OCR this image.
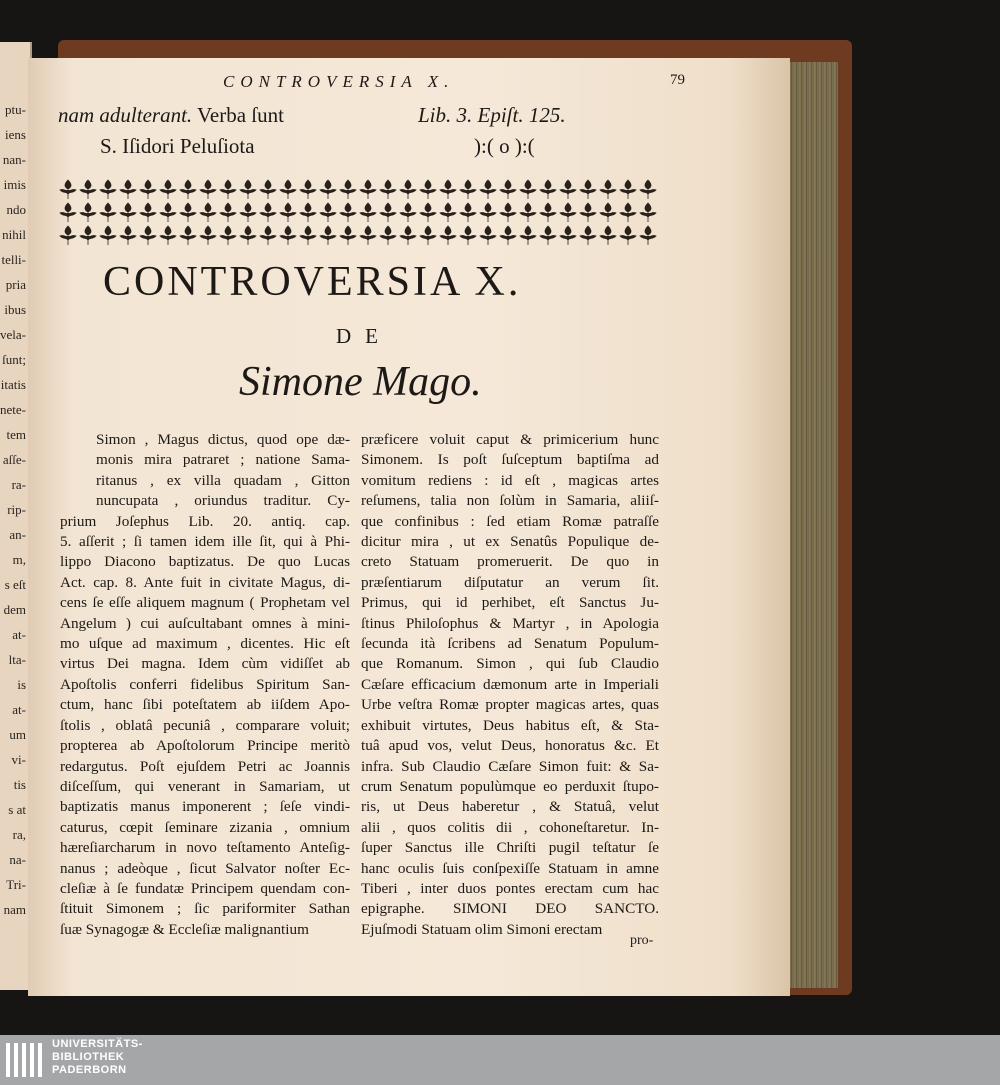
ptu-
iens
nan-
imis
ndo
nihil
telli-
pria
ibus
vela-
ſunt;
itatis
nete-
tem
aſſe-
ra-
rip-
an-
m,
s eſt
dem
at-
lta-
is
at-
um
vi-
tis
s at
ra,
na-
Tri-
nam
CONTROVERSIA X.	79
nam adulterant. Verba ſunt
S. Iſidori Peluſiota
Lib. 3. Epiſt. 125.
):( o ):(
CONTROVERSIA X.
DE
Simone Mago.
Simon , Magus dictus, quod ope dæ-
monis mira patraret ; natione Sama-
ritanus , ex villa quadam , Gitton
nuncupata , oriundus traditur. Cy-
prium Joſephus Lib. 20. antiq. cap.
5. aſſerit ; ſi tamen idem ille ſit, qui à Phi-
lippo Diacono baptizatus. De quo Lucas
Act. cap. 8. Ante fuit in civitate Magus, di-
cens ſe eſſe aliquem magnum ( Prophetam vel
Angelum ) cui auſcultabant omnes à mini-
mo uſque ad maximum , dicentes. Hic eſt
virtus Dei magna. Idem cùm vidiſſet ab
Apoſtolis conferri fidelibus Spiritum San-
ctum, hanc ſibi poteſtatem ab iiſdem Apo-
ſtolis , oblatâ pecuniâ , comparare voluit;
propterea ab Apoſtolorum Principe meritò
redargutus. Poſt ejuſdem Petri ac Joannis
diſceſſum, qui venerant in Samariam, ut
baptizatis manus imponerent ; ſeſe vindi-
caturus, cœpit ſeminare zizania , omnium
hæreſiarcharum in novo teſtamento Anteſig-
nanus ; adeòque , ſicut Salvator noſter Ec-
cleſiæ à ſe fundatæ Principem quendam con-
ſtituit Simonem ; ſic pariformiter Sathan
ſuæ Synagogæ & Eccleſiæ malignantium
præficere voluit caput & primicerium hunc
Simonem. Is poſt ſuſceptum baptiſma ad
vomitum rediens : id eſt , magicas artes
reſumens, talia non ſolùm in Samaria, aliiſ-
que confinibus : ſed etiam Romæ patraſſe
dicitur mira , ut ex Senatûs Populique de-
creto Statuam promeruerit. De quo in
præſentiarum diſputatur an verum ſit.
Primus, qui id perhibet, eſt Sanctus Ju-
ſtinus Philoſophus & Martyr , in Apologia
ſecunda ità ſcribens ad Senatum Populum-
que Romanum. Simon , qui ſub Claudio
Cæſare efficacium dæmonum arte in Imperiali
Urbe veſtra Romæ propter magicas artes, quas
exhibuit virtutes, Deus habitus eſt, & Sta-
tuâ apud vos, velut Deus, honoratus &c. Et
infra. Sub Claudio Cæſare Simon fuit: & Sa-
crum Senatum populùmque eo perduxit ſtupo-
ris, ut Deus haberetur , & Statuâ, velut
alii , quos colitis dii , cohoneſtaretur. In-
ſuper Sanctus ille Chriſti pugil teſtatur ſe
hanc oculis ſuis conſpexiſſe Statuam in amne
Tiberi , inter duos pontes erectam cum hac
epigraphe. SIMONI DEO SANCTO.
Ejuſmodi Statuam olim Simoni erectam
pro-
UNIVERSITÄTS-
BIBLIOTHEK
PADERBORN
